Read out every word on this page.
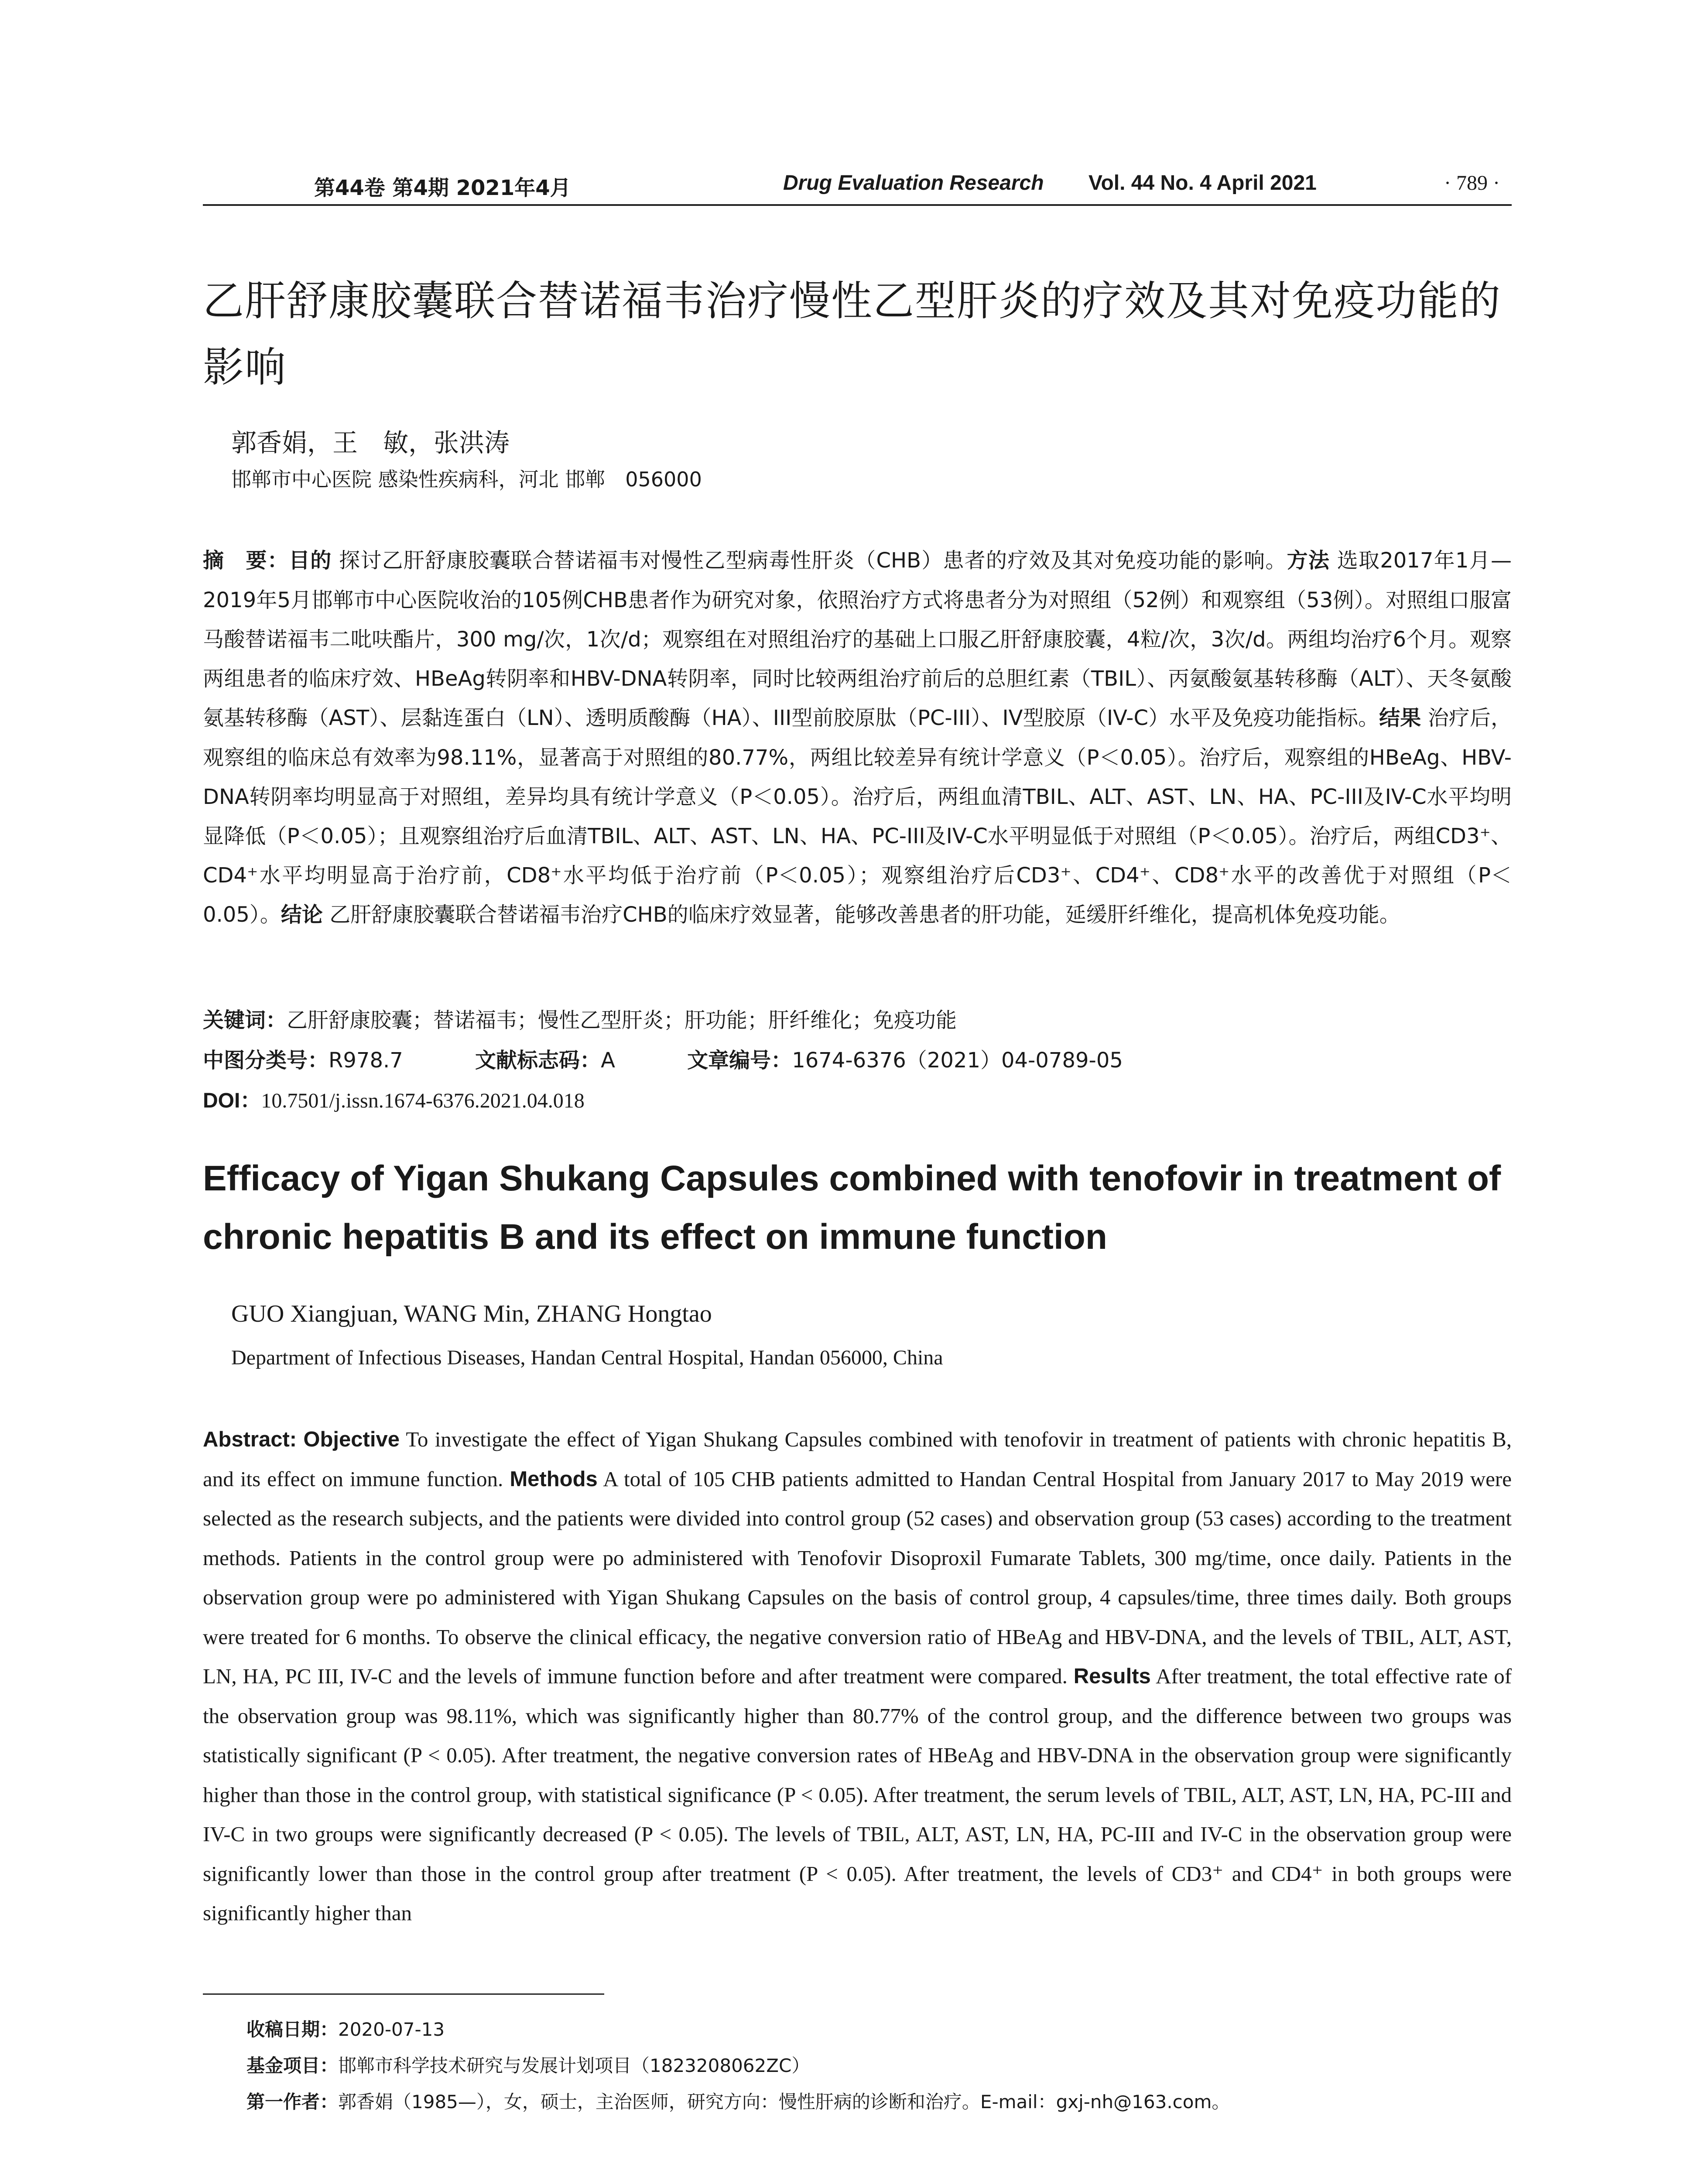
第44卷 第4期 2021年4月	Drug Evaluation Research Vol. 44 No. 4 April 2021	· 789 ·
乙肝舒康胶囊联合替诺福韦治疗慢性乙型肝炎的疗效及其对免疫功能的影响
郭香娟，王　敏，张洪涛
邯郸市中心医院 感染性疾病科，河北 邯郸　056000
摘　要：目的 探讨乙肝舒康胶囊联合替诺福韦对慢性乙型病毒性肝炎（CHB）患者的疗效及其对免疫功能的影响。方法 选取2017年1月—2019年5月邯郸市中心医院收治的105例CHB患者作为研究对象，依照治疗方式将患者分为对照组（52例）和观察组（53例）。对照组口服富马酸替诺福韦二吡呋酯片，300 mg/次，1次/d；观察组在对照组治疗的基础上口服乙肝舒康胶囊，4粒/次，3次/d。两组均治疗6个月。观察两组患者的临床疗效、HBeAg转阴率和HBV-DNA转阴率，同时比较两组治疗前后的总胆红素（TBIL）、丙氨酸氨基转移酶（ALT）、天冬氨酸氨基转移酶（AST）、层黏连蛋白（LN）、透明质酸酶（HA）、III型前胶原肽（PC-III）、IV型胶原（IV-C）水平及免疫功能指标。结果 治疗后，观察组的临床总有效率为98.11%，显著高于对照组的80.77%，两组比较差异有统计学意义（P＜0.05）。治疗后，观察组的HBeAg、HBV-DNA转阴率均明显高于对照组，差异均具有统计学意义（P＜0.05）。治疗后，两组血清TBIL、ALT、AST、LN、HA、PC-III及IV-C水平均明显降低（P＜0.05）；且观察组治疗后血清TBIL、ALT、AST、LN、HA、PC-III及IV-C水平明显低于对照组（P＜0.05）。治疗后，两组CD3⁺、CD4⁺水平均明显高于治疗前，CD8⁺水平均低于治疗前（P＜0.05）；观察组治疗后CD3⁺、CD4⁺、CD8⁺水平的改善优于对照组（P＜0.05）。结论 乙肝舒康胶囊联合替诺福韦治疗CHB的临床疗效显著，能够改善患者的肝功能，延缓肝纤维化，提高机体免疫功能。
关键词：乙肝舒康胶囊；替诺福韦；慢性乙型肝炎；肝功能；肝纤维化；免疫功能
中图分类号：R978.7	文献标志码：A	文章编号：1674-6376（2021）04-0789-05
DOI：10.7501/j.issn.1674-6376.2021.04.018
Efficacy of Yigan Shukang Capsules combined with tenofovir in treatment of chronic hepatitis B and its effect on immune function
GUO Xiangjuan, WANG Min, ZHANG Hongtao
Department of Infectious Diseases, Handan Central Hospital, Handan 056000, China
Abstract: Objective To investigate the effect of Yigan Shukang Capsules combined with tenofovir in treatment of patients with chronic hepatitis B, and its effect on immune function. Methods A total of 105 CHB patients admitted to Handan Central Hospital from January 2017 to May 2019 were selected as the research subjects, and the patients were divided into control group (52 cases) and observation group (53 cases) according to the treatment methods. Patients in the control group were po administered with Tenofovir Disoproxil Fumarate Tablets, 300 mg/time, once daily. Patients in the observation group were po administered with Yigan Shukang Capsules on the basis of control group, 4 capsules/time, three times daily. Both groups were treated for 6 months. To observe the clinical efficacy, the negative conversion ratio of HBeAg and HBV-DNA, and the levels of TBIL, ALT, AST, LN, HA, PC III, IV-C and the levels of immune function before and after treatment were compared. Results After treatment, the total effective rate of the observation group was 98.11%, which was significantly higher than 80.77% of the control group, and the difference between two groups was statistically significant (P < 0.05). After treatment, the negative conversion rates of HBeAg and HBV-DNA in the observation group were significantly higher than those in the control group, with statistical significance (P < 0.05). After treatment, the serum levels of TBIL, ALT, AST, LN, HA, PC-III and IV-C in two groups were significantly decreased (P < 0.05). The levels of TBIL, ALT, AST, LN, HA, PC-III and IV-C in the observation group were significantly lower than those in the control group after treatment (P < 0.05). After treatment, the levels of CD3⁺ and CD4⁺ in both groups were significantly higher than
收稿日期：2020-07-13
基金项目：邯郸市科学技术研究与发展计划项目（1823208062ZC）
第一作者：郭香娟（1985—），女，硕士，主治医师，研究方向：慢性肝病的诊断和治疗。E-mail：gxj-nh@163.com。
